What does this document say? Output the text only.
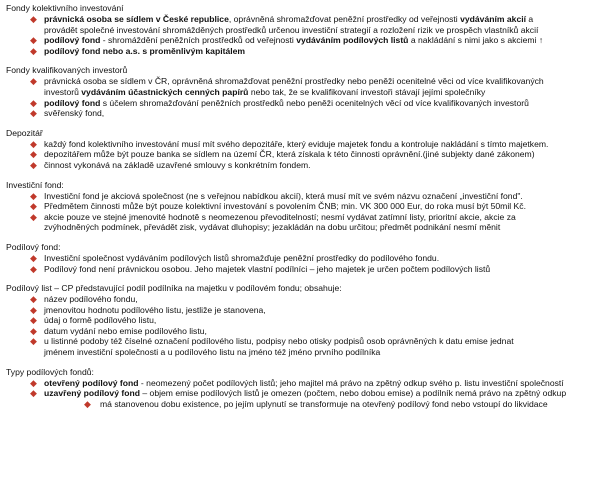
Fondy kolektivního investování
◆ právnická osoba se sídlem v České republice, oprávněná shromažďovat peněžní prostředky od veřejnosti vydáváním akcií a
provádět společné investování shromážděných prostředků určenou investiční strategií a rozložení rizik ve prospěch vlastníků akcií
◆ podílový fond - shromáždění peněžních prostředků od veřejnosti vydáváním podílových listů a nakládání s nimi jako s akciemi ↑
◆ podílový fond nebo a.s. s proměnlivým kapitálem
Fondy kvalifikovaných investorů
◆ právnická osoba se sídlem v ČR, oprávněná shromažďovat peněžní prostředky nebo peněži ocenitelné věci od více kvalifikovaných
investorů vydáváním účastnických cenných papírů nebo tak, že se kvalifikovaní investoři stávají jejími společníky
◆ podílový fond s účelem shromažďování peněžních prostředků nebo peněži ocenitelných věcí od více kvalifikovaných investorů
◆ svěřenský fond,
Depozitář
◆ každý fond kolektivního investování musí mít svého depozitáře, který eviduje majetek fondu a kontroluje nakládání s tímto majetkem.
◆ depozitářem může být pouze banka se sídlem na území ČR, která získala k této činnosti oprávnění.(jiné subjekty dané zákonem)
◆ činnost vykonává na základě uzavřené smlouvy s konkrétním fondem.
Investiční fond:
◆ Investiční fond je akciová společnost (ne s veřejnou nabídkou akcií), která musí mít ve svém názvu označení „investiční fond".
◆ Předmětem činnosti může být pouze kolektivní investování s povolením ČNB; min. VK 300 000 Eur, do roka musí být 50mil Kč.
◆ akcie pouze ve stejné jmenovité hodnotě s neomezenou převoditelností; nesmí vydávat zatímní listy, prioritní akcie, akcie za
zvýhodněných podmínek, převádět zisk, vydávat dluhopisy; jezakládán na dobu určitou; předmět podnikání nesmí měnit
Podílový fond:
◆ Investiční společnost vydáváním podílových listů shromažďuje peněžní prostředky do podílového fondu.
◆ Podílový fond není právnickou osobou. Jeho majetek vlastní podílníci – jeho majetek je určen počtem podílových listů
Podílový list – CP představující podíl podílníka na majetku v podílovém fondu; obsahuje:
◆ název podílového fondu,
◆ jmenovitou hodnotu podílového listu, jestliže je stanovena,
◆ údaj o formě podílového listu,
◆ datum vydání nebo emise podílového listu,
◆ u listinné podoby též číselné označení podílového listu, podpisy nebo otisky podpisů osob oprávněných k datu emise jednat
jménem investiční společnosti a u podílového listu na jméno též jméno prvního podílníka
Typy podílových fondů:
◆ otevřený podílový fond - neomezený počet podílových listů; jeho majitel má právo na zpětný odkup svého p. listu investiční společností
◆ uzavřený podílový fond – objem emise podílových listů je omezen (počtem, nebo dobou emise) a podílník nemá právo na zpětný odkup
◆ má stanovenou dobu existence, po jejím uplynutí se transformuje na otevřený podílový fond nebo vstoupí do likvidace
